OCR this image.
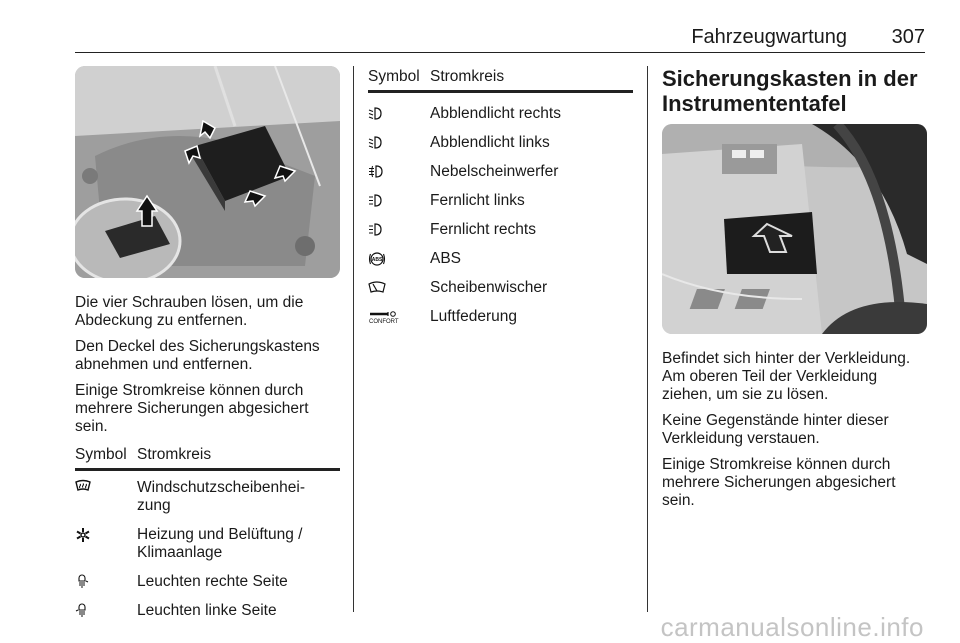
Fahrzeugwartung 307

Die vier Schrauben lösen, um die Abdeckung zu entfernen.

Den Deckel des Sicherungskastens abnehmen und entfernen.

Einige Stromkreise können durch mehrere Sicherungen abgesichert sein.

Symbol Stromkreis
Windschutzscheibenhei-
zung
Heizung und Belüftung / Klimaanlage
Leuchten rechte Seite
Leuchten linke Seite
Symbol Stromkreis
Abblendlicht rechts
Abblendlicht links
Nebelscheinwerfer
Fernlicht links
Fernlicht rechts
ABS	ABS
Scheibenwischer
CONFORT Luftfederung
Sicherungskasten in der Instrumententafel

Befindet sich hinter der Verkleidung. Am oberen Teil der Verkleidung ziehen, um sie zu lösen.

Keine Gegenstände hinter dieser Verkleidung verstauen.

Einige Stromkreise können durch mehrere Sicherungen abgesichert sein.

carmanualsonline.info
